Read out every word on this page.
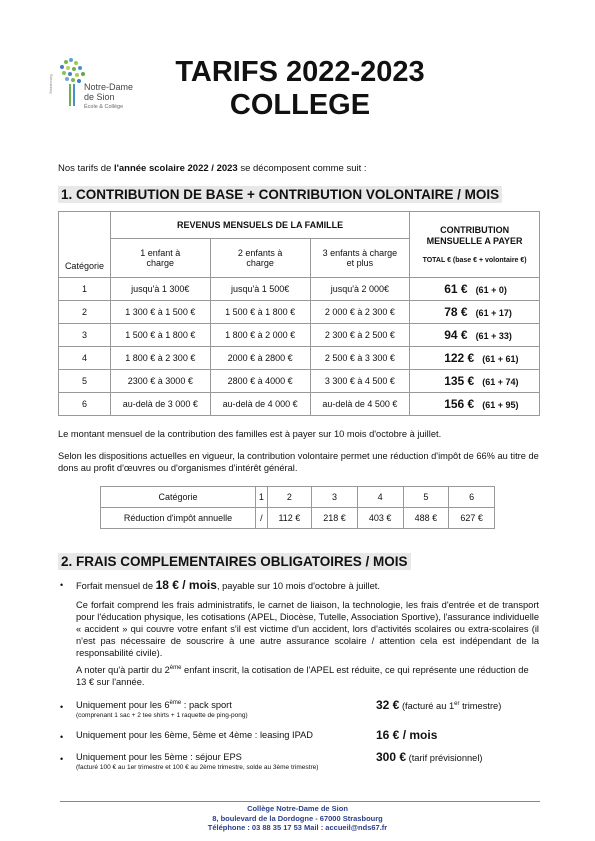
Notre-Dame
de Sion
École & Collège
Strasbourg	TARIFS 2022-2023
COLLEGE
Nos tarifs de l'année scolaire 2022 / 2023 se décomposent comme suit :
1. CONTRIBUTION DE BASE + CONTRIBUTION VOLONTAIRE / MOIS
Catégorie	REVENUS MENSUELS DE LA FAMILLE			CONTRIBUTION MENSUELLE A PAYER
TOTAL € (base € + volontaire €)

	1 enfant à charge	2 enfants à charge	3 enfants à charge et plus	
1	jusqu'à 1 300€	jusqu'à 1 500€	jusqu'à 2 000€	61 € (61 + 0)
2	1 300 € à 1 500 €	1 500 € à 1 800 €	2 000 € à 2 300 €	78 € (61 + 17)
3	1 500 € à 1 800 €	1 800 € à 2 000 €	2 300 € à 2 500 €	94 € (61 + 33)
4	1 800 € à 2 300 €	2000 € à 2800 €	2 500 € à 3 300 €	122 € (61 + 61)
5	2300 € à 3000 €	2800 € à 4000 €	3 300 € à 4 500 €	135 € (61 + 74)
6	au-delà de 3 000 €	au-delà de 4 000 €	au-delà de 4 500 €	156 € (61 + 95)
Le montant mensuel de la contribution des familles est à payer sur 10 mois d'octobre à juillet.
Selon les dispositions actuelles en vigueur, la contribution volontaire permet une réduction d'impôt de 66% au titre de dons au profit d'œuvres ou d'organismes d'intérêt général.
Catégorie	1	2	3	4	5	6
Réduction d'impôt annuelle	/	112 €	218 €	403 €	488 €	627 €
2. FRAIS COMPLEMENTAIRES OBLIGATOIRES / MOIS
• Forfait mensuel de 18 € / mois, payable sur 10 mois d'octobre à juillet.
Ce forfait comprend les frais administratifs, le carnet de liaison, la technologie, les frais d'entrée et de transport pour l'éducation physique, les cotisations (APEL, Diocèse, Tutelle, Association Sportive), l'assurance individuelle « accident » qui couvre votre enfant s'il est victime d'un accident, lors d'activités scolaires ou extra-scolaires (il n'est pas nécessaire de souscrire à une autre assurance scolaire / attention cela est indépendant de la responsabilité civile).
A noter qu'à partir du 2ème enfant inscrit, la cotisation de l'APEL est réduite, ce qui représente une réduction de 13 € sur l'année.
• Uniquement pour les 6ème : pack sport
(comprenant 1 sac + 2 tee shirts + 1 raquette de ping-pong)
32 € (facturé au 1er trimestre)
• Uniquement pour les 6ème, 5ème et 4ème : leasing IPAD	16 € / mois
• Uniquement pour les 5ème : séjour EPS
(facturé 100 € au 1er trimestre et 100 € au 2ème trimestre, solde au 3ème trimestre)
300 € (tarif prévisionnel)
Collège Notre-Dame de Sion
8, boulevard de la Dordogne - 67000 Strasbourg
Téléphone : 03 88 35 17 53 Mail : accueil@nds67.fr
